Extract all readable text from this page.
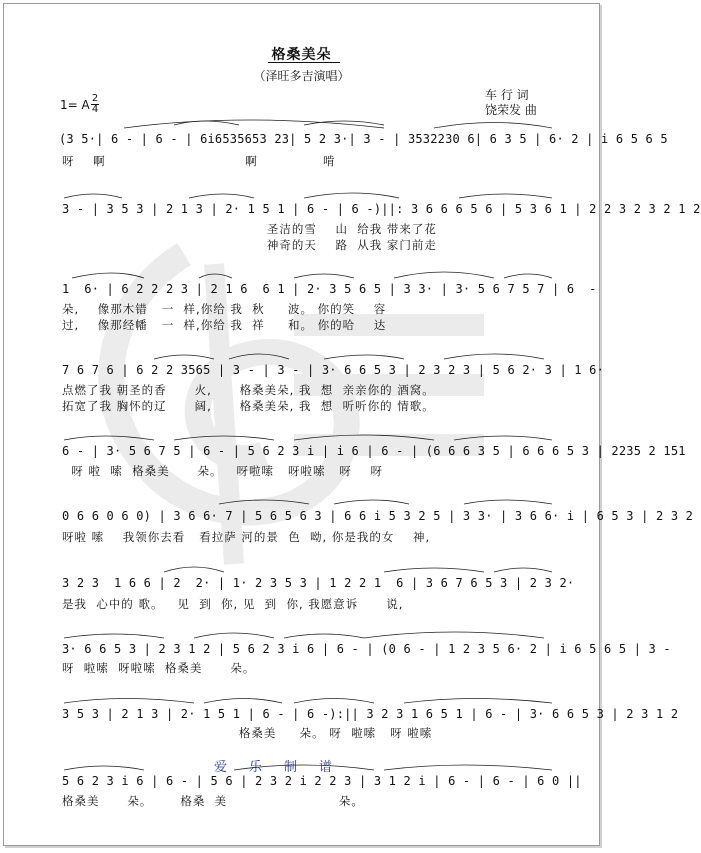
格桑美朵
（泽旺多吉演唱）
车 行 词
饶荣发 曲
1= A 2
4
(3 5·| 6 - | 6 - | 6i6535653 23| 5 2 3·| 3 - | 3532230 6| 6 3 5 | 6· 2 | i 6 5 6 5
呀    啊                              啊              啃
3 - | 3 5 3 | 2 1 3 | 2· 1 5 1 | 6 - | 6 -)||: 3 6 6 6 5 6 | 5 3 6 1 | 2 2 3 2 3 2 1 2
圣洁的雪    山  给我 带来了花
神奇的天    路  从我 家门前走
1  6· | 6 2 2 2 3 | 2 1 6  6 1 | 2· 3 5 6 5 | 3 3· | 3· 5 6 7 5 7 | 6  -
朵,    像那木错   一  样,你给 我  秋     波。 你的笑    容
过,    像那经幡   一  样,你给 我  祥     和。 你的哈    达
7 6 7 6 | 6 2 2 3565 | 3 - | 3 - | 3· 6 6 5 3 | 2 3 2 3 | 5 6 2· 3 | 1 6·
点燃了我 朝圣的香      火,      格桑美朵, 我  想  亲亲你的 酒窝。
拓宽了我 胸怀的辽      阔,      格桑美朵, 我  想  听听你的 情歌。
6 - | 3· 5 6 7 5 | 6 - | 5 6 2 3 i | i 6 | 6 - | (6 6 6 3 5 | 6 6 6 5 3 | 2235 2 151
呀 啦  嗦  格桑美      朵。   呀啦嗦   呀啦嗦   呀    呀
0 6 6 0 6 0) | 3 6 6· 7 | 5 6 5 6 3 | 6 6 i 5 3 2 5 | 3 3· | 3 6 6· i | 6 5 3 | 2 3 2
呀啦 嗦    我领你去看   看拉萨 河的景  色  呦, 你是我的女    神,
3 2 3  1 6 6 | 2  2· | 1· 2 3 5 3 | 1 2 2 1  6 | 3 6 7 6 5 3 | 2 3 2·
是我  心中的 歌。   见  到  你, 见  到  你, 我愿意诉      说,
3· 6 6 5 3 | 2 3 1 2 | 5 6 2 3 i 6 | 6 - | (0 6 - | 1 2 3 5 6· 2 | i 6 5 6 5 | 3 -
呀  啦嗦  呀啦嗦  格桑美      朵。
3 5 3 | 2 1 3 | 2· 1 5 1 | 6 - | 6 -):|| 3 2 3 1 6 5 1 | 6 - | 3· 6 6 5 3 | 2 3 1 2
格桑美     朵。 呀  啦嗦   呀 啦嗦
5 6 2 3 i 6 | 6 - | 5 6 | 2 3 2 i 2 2 3 | 3 1 2 i | 6 - | 6 - | 6 0 ||
格桑美      朵。      格桑  美                        朵。
爱乐制谱
